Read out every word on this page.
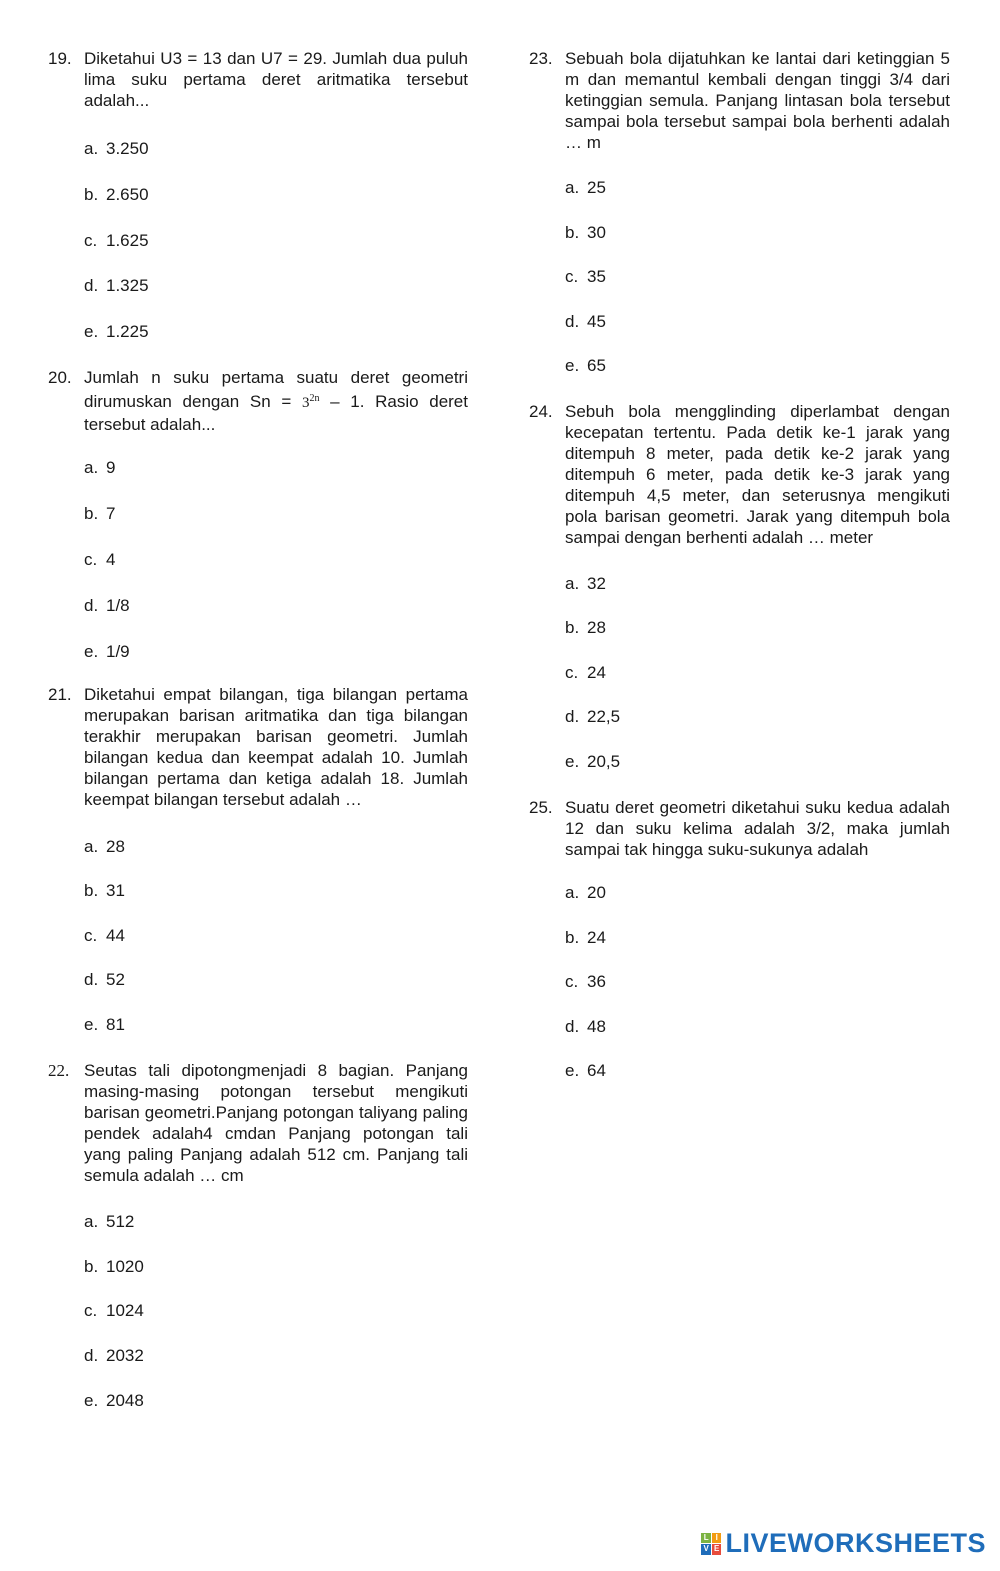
19. Diketahui U3 = 13 dan U7 = 29. Jumlah dua puluh lima suku pertama deret aritmatika tersebut adalah...
a. 3.250
b. 2.650
c. 1.625
d. 1.325
e. 1.225
20. Jumlah n suku pertama suatu deret geometri dirumuskan dengan $Sn = 3^{2n} - 1$. Rasio deret tersebut adalah...
a. 9
b. 7
c. 4
d. 1/8
e. 1/9
21. Diketahui empat bilangan, tiga bilangan pertama merupakan barisan aritmatika dan tiga bilangan terakhir merupakan barisan geometri. Jumlah bilangan kedua dan keempat adalah 10. Jumlah bilangan pertama dan ketiga adalah 18. Jumlah keempat bilangan tersebut adalah …
a. 28
b. 31
c. 44
d. 52
e. 81
22. Seutas tali dipotongmenjadi 8 bagian. Panjang masing-masing potongan tersebut mengikuti barisan geometri.Panjang potongan taliyang paling pendek adalah4 cmdan Panjang potongan tali yang paling Panjang adalah 512 cm. Panjang tali semula adalah … cm
a. 512
b. 1020
c. 1024
d. 2032
e. 2048
23. Sebuah bola dijatuhkan ke lantai dari ketinggian 5 m dan memantul kembali dengan tinggi 3/4 dari ketinggian semula. Panjang lintasan bola tersebut sampai bola tersebut sampai bola berhenti adalah … m
a. 25
b. 30
c. 35
d. 45
e. 65
24. Sebuh bola mengglinding diperlambat dengan kecepatan tertentu. Pada detik ke-1 jarak yang ditempuh 8 meter, pada detik ke-2 jarak yang ditempuh 6 meter, pada detik ke-3 jarak yang ditempuh 4,5 meter, dan seterusnya mengikuti pola barisan geometri. Jarak yang ditempuh bola sampai dengan berhenti adalah … meter
a. 32
b. 28
c. 24
d. 22,5
e. 20,5
25. Suatu deret geometri diketahui suku kedua adalah 12 dan suku kelima adalah 3/2, maka jumlah sampai tak hingga suku-sukunya adalah
a. 20
b. 24
c. 36
d. 48
e. 64
L I
V E LIVEWORKSHEETS
